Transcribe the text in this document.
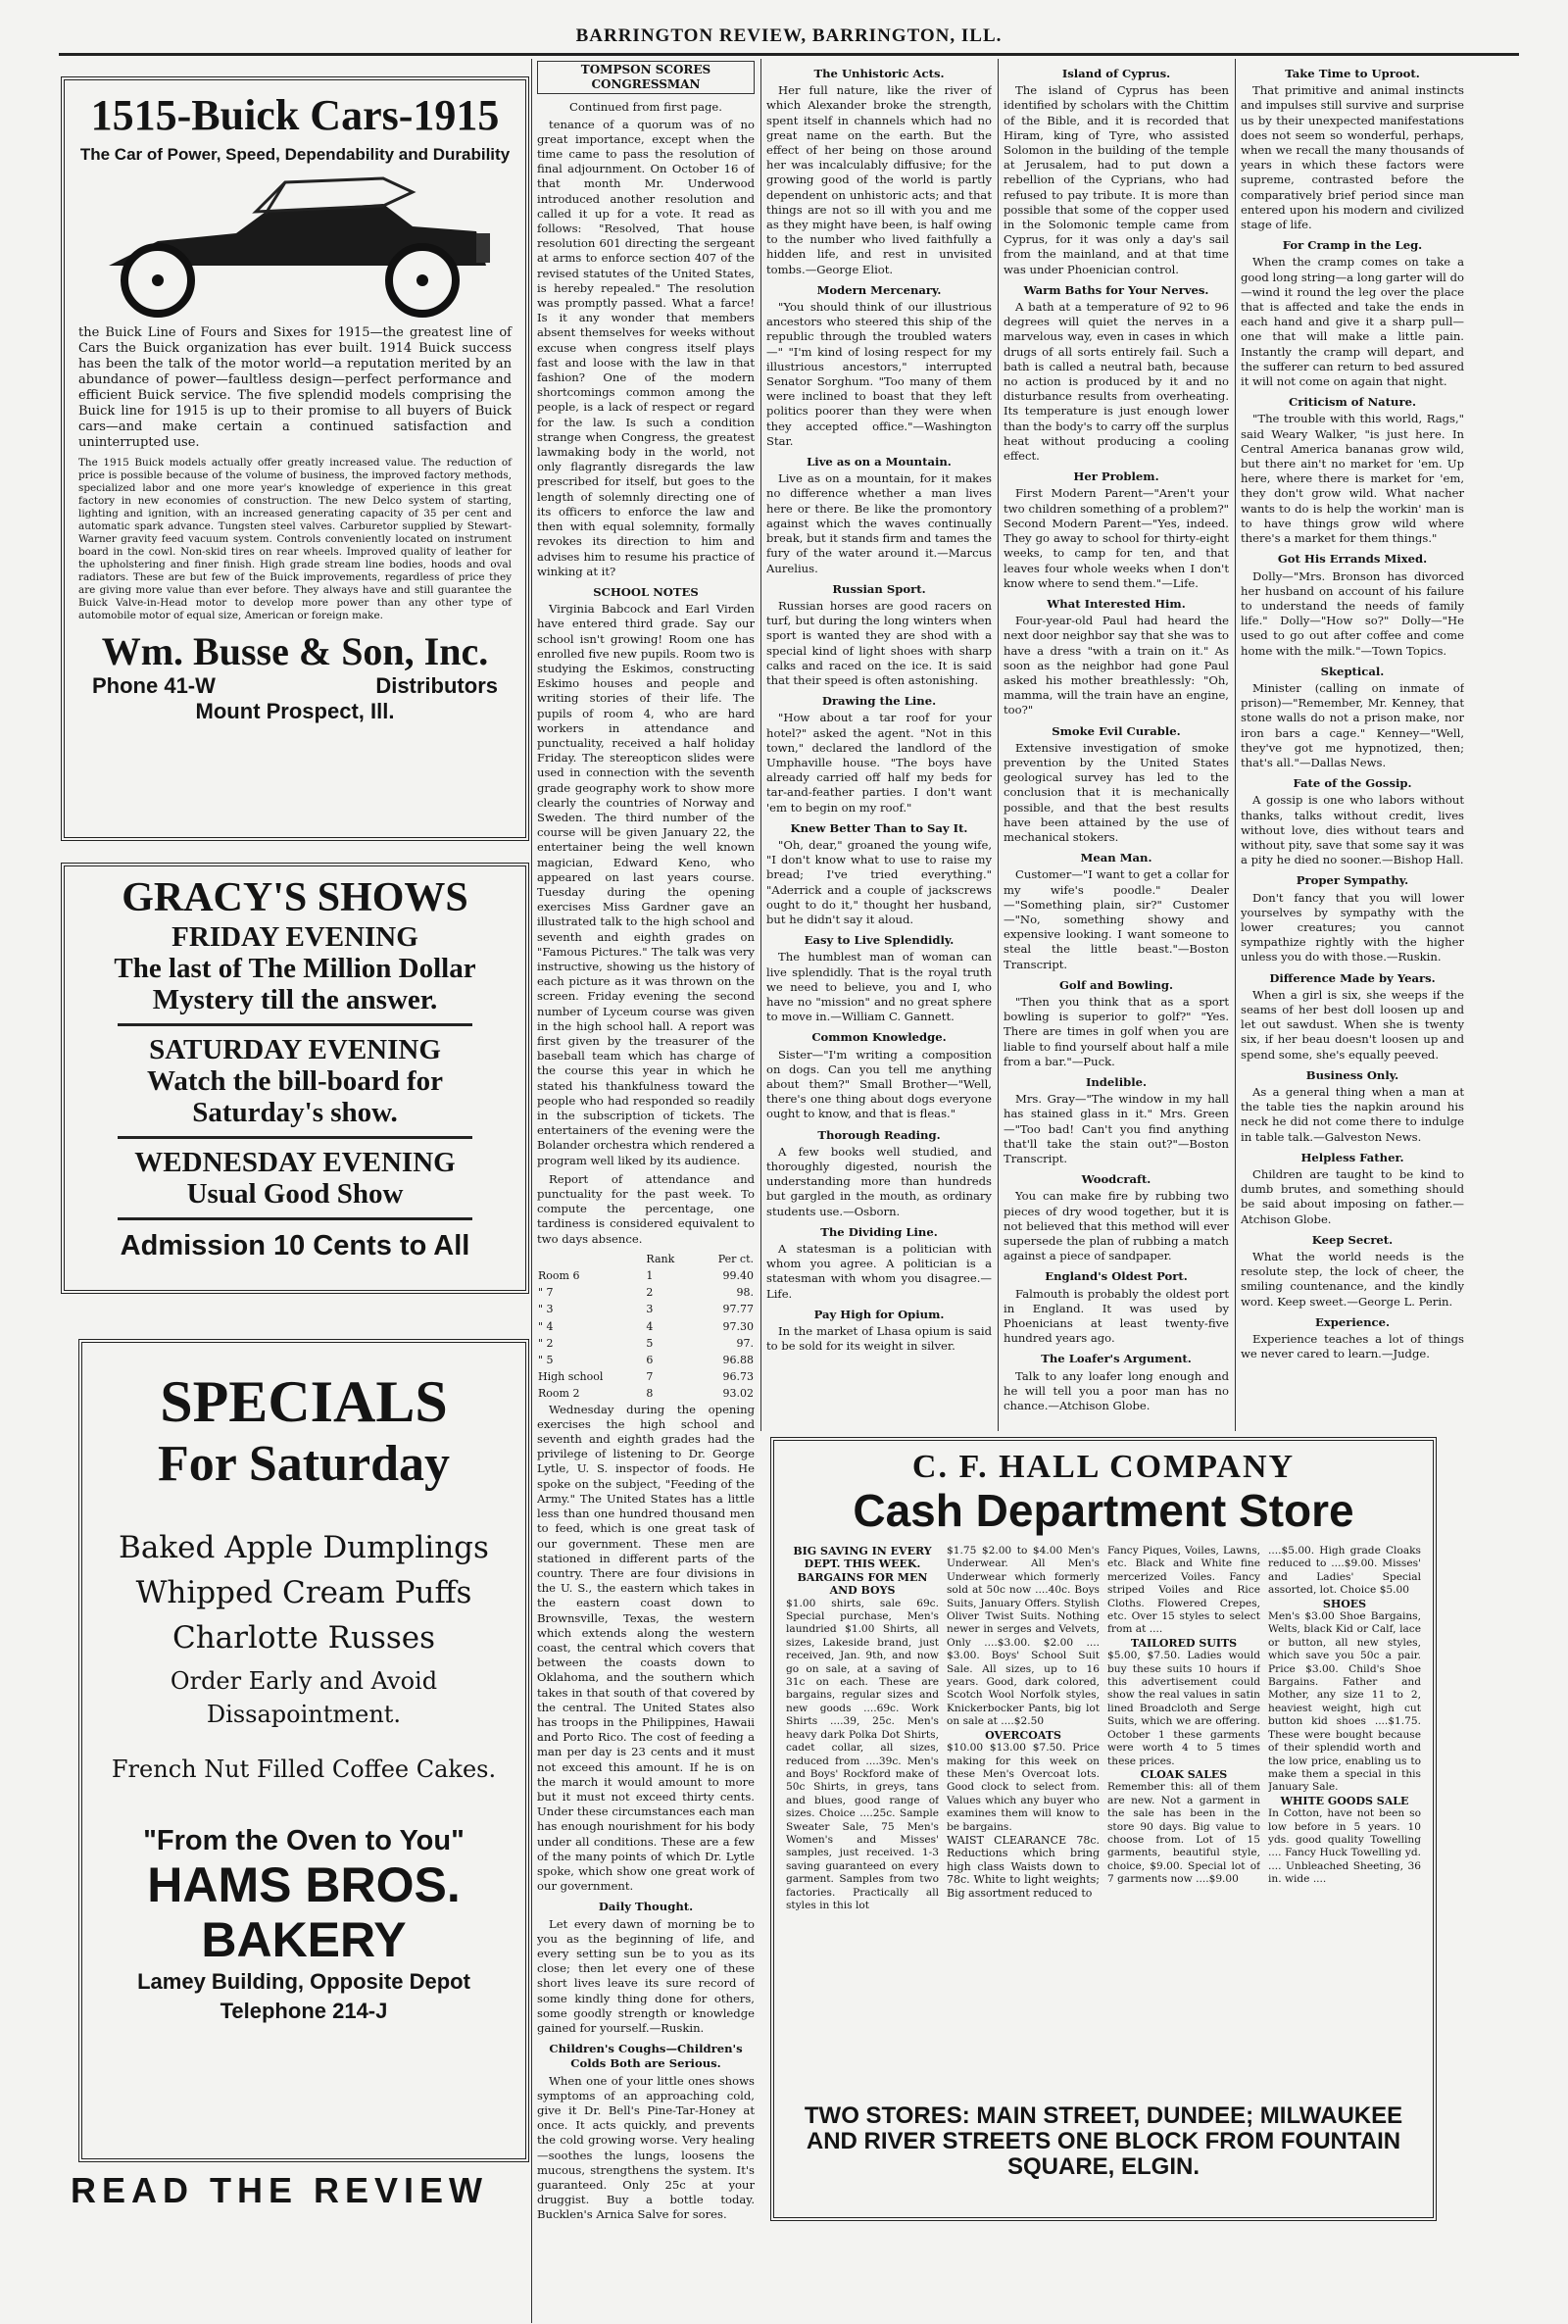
BARRINGTON REVIEW, BARRINGTON, ILL.
1515-Buick Cars-1915
The Car of Power, Speed, Dependability and Durability
the Buick Line of Fours and Sixes for 1915—the greatest line of Cars the Buick organization has ever built. 1914 Buick success has been the talk of the motor world—a reputation merited by an abundance of power—faultless design—perfect performance and efficient Buick service. The five splendid models comprising the Buick line for 1915 is up to their promise to all buyers of Buick cars—and make certain a continued satisfaction and uninterrupted use.
The 1915 Buick models actually offer greatly increased value. The reduction of price is possible because of the volume of business, the improved factory methods, specialized labor and one more year's knowledge of experience in this great factory in new economies of construction. The new Delco system of starting, lighting and ignition, with an increased generating capacity of 35 per cent and automatic spark advance. Tungsten steel valves. Carburetor supplied by Stewart-Warner gravity feed vacuum system. Controls conveniently located on instrument board in the cowl. Non-skid tires on rear wheels. Improved quality of leather for the upholstering and finer finish. High grade stream line bodies, hoods and oval radiators. These are but few of the Buick improvements, regardless of price they are giving more value than ever before. They always have and still guarantee the Buick Valve-in-Head motor to develop more power than any other type of automobile motor of equal size, American or foreign make.
Wm. Busse & Son, Inc.
Phone 41-W	Distributors
Mount Prospect, Ill.
GRACY'S SHOWS
FRIDAY EVENING
The last of The Million Dollar Mystery till the answer.
SATURDAY EVENING
Watch the bill-board for Saturday's show.
WEDNESDAY EVENING
Usual Good Show
Admission 10 Cents to All
SPECIALS
For Saturday
Baked Apple Dumplings
Whipped Cream Puffs
Charlotte Russes
Order Early and Avoid Dissapointment.
French Nut Filled Coffee Cakes.
"From the Oven to You"
HAMS BROS.
BAKERY
Lamey Building, Opposite Depot
Telephone 214-J
READ THE REVIEW
TOMPSON SCORES CONGRESSMAN
Continued from first page.

tenance of a quorum was of no great importance, except when the time came to pass the resolution of final adjournment. On October 16 of that month Mr. Underwood introduced another resolution and called it up for a vote. It read as follows: "Resolved, That house resolution 601 directing the sergeant at arms to enforce section 407 of the revised statutes of the United States, is hereby repealed." The resolution was promptly passed. What a farce! Is it any wonder that members absent themselves for weeks without excuse when congress itself plays fast and loose with the law in that fashion? One of the modern shortcomings common among the people, is a lack of respect or regard for the law. Is such a condition strange when Congress, the greatest lawmaking body in the world, not only flagrantly disregards the law prescribed for itself, but goes to the length of solemnly directing one of its officers to enforce the law and then with equal solemnity, formally revokes its direction to him and advises him to resume his practice of winking at it?

SCHOOL NOTES

Virginia Babcock and Earl Virden have entered third grade. Say our school isn't growing! Room one has enrolled five new pupils. Room two is studying the Eskimos, constructing Eskimo houses and people and writing stories of their life. The pupils of room 4, who are hard workers in attendance and punctuality, received a half holiday Friday. The stereopticon slides were used in connection with the seventh grade geography work to show more clearly the countries of Norway and Sweden. The third number of the course will be given January 22, the entertainer being the well known magician, Edward Keno, who appeared on last years course. Tuesday during the opening exercises Miss Gardner gave an illustrated talk to the high school and seventh and eighth grades on "Famous Pictures." The talk was very instructive, showing us the history of each picture as it was thrown on the screen. Friday evening the second number of Lyceum course was given in the high school hall. A report was first given by the treasurer of the baseball team which has charge of the course this year in which he stated his thankfulness toward the people who had responded so readily in the subscription of tickets. The entertainers of the evening were the Bolander orchestra which rendered a program well liked by its audience.

Report of attendance and punctuality for the past week. To compute the percentage, one tardiness is considered equivalent to two days absence.

	Rank	Per ct.
Room 6	1	99.40
" 7	2	98.
" 3	3	97.77
" 4	4	97.30
" 2	5	97.
" 5	6	96.88
High school	7	96.73
Room 2	8	93.02

Wednesday during the opening exercises the high school and seventh and eighth grades had the privilege of listening to Dr. George Lytle, U. S. inspector of foods. He spoke on the subject, "Feeding of the Army." The United States has a little less than one hundred thousand men to feed, which is one great task of our government. These men are stationed in different parts of the country. There are four divisions in the U. S., the eastern which takes in the eastern coast down to Brownsville, Texas, the western which extends along the western coast, the central which covers that between the coasts down to Oklahoma, and the southern which takes in that south of that covered by the central. The United States also has troops in the Philippines, Hawaii and Porto Rico. The cost of feeding a man per day is 23 cents and it must not exceed this amount. If he is on the march it would amount to more but it must not exceed thirty cents. Under these circumstances each man has enough nourishment for his body under all conditions. These are a few of the many points of which Dr. Lytle spoke, which show one great work of our government.

Daily Thought.

Let every dawn of morning be to you as the beginning of life, and every setting sun be to you as its close; then let every one of these short lives leave its sure record of some kindly thing done for others, some goodly strength or knowledge gained for yourself.—Ruskin.

Children's Coughs—Children's Colds Both are Serious.

When one of your little ones shows symptoms of an approaching cold, give it Dr. Bell's Pine-Tar-Honey at once. It acts quickly, and prevents the cold growing worse. Very healing—soothes the lungs, loosens the mucous, strengthens the system. It's guaranteed. Only 25c at your druggist. Buy a bottle today. Bucklen's Arnica Salve for sores.

The Unhistoric Acts.

Her full nature, like the river of which Alexander broke the strength, spent itself in channels which had no great name on the earth. But the effect of her being on those around her was incalculably diffusive; for the growing good of the world is partly dependent on unhistoric acts; and that things are not so ill with you and me as they might have been, is half owing to the number who lived faithfully a hidden life, and rest in unvisited tombs.—George Eliot.

Modern Mercenary.

"You should think of our illustrious ancestors who steered this ship of the republic through the troubled waters—" "I'm kind of losing respect for my illustrious ancestors," interrupted Senator Sorghum. "Too many of them were inclined to boast that they left politics poorer than they were when they accepted office."—Washington Star.

Live as on a Mountain.

Live as on a mountain, for it makes no difference whether a man lives here or there. Be like the promontory against which the waves continually break, but it stands firm and tames the fury of the water around it.—Marcus Aurelius.

Russian Sport.

Russian horses are good racers on turf, but during the long winters when sport is wanted they are shod with a special kind of light shoes with sharp calks and raced on the ice. It is said that their speed is often astonishing.

Drawing the Line.

"How about a tar roof for your hotel?" asked the agent. "Not in this town," declared the landlord of the Umphaville house. "The boys have already carried off half my beds for tar-and-feather parties. I don't want 'em to begin on my roof."

Knew Better Than to Say It.

"Oh, dear," groaned the young wife, "I don't know what to use to raise my bread; I've tried everything." "Aderrick and a couple of jackscrews ought to do it," thought her husband, but he didn't say it aloud.

Easy to Live Splendidly.

The humblest man of woman can live splendidly. That is the royal truth we need to believe, you and I, who have no "mission" and no great sphere to move in.—William C. Gannett.

Common Knowledge.

Sister—"I'm writing a composition on dogs. Can you tell me anything about them?" Small Brother—"Well, there's one thing about dogs everyone ought to know, and that is fleas."

Thorough Reading.

A few books well studied, and thoroughly digested, nourish the understanding more than hundreds but gargled in the mouth, as ordinary students use.—Osborn.

The Dividing Line.

A statesman is a politician with whom you agree. A politician is a statesman with whom you disagree.—Life.

Pay High for Opium.

In the market of Lhasa opium is said to be sold for its weight in silver.

Island of Cyprus.

The island of Cyprus has been identified by scholars with the Chittim of the Bible, and it is recorded that Hiram, king of Tyre, who assisted Solomon in the building of the temple at Jerusalem, had to put down a rebellion of the Cyprians, who had refused to pay tribute. It is more than possible that some of the copper used in the Solomonic temple came from Cyprus, for it was only a day's sail from the mainland, and at that time was under Phoenician control.

Warm Baths for Your Nerves.

A bath at a temperature of 92 to 96 degrees will quiet the nerves in a marvelous way, even in cases in which drugs of all sorts entirely fail. Such a bath is called a neutral bath, because no action is produced by it and no disturbance results from overheating. Its temperature is just enough lower than the body's to carry off the surplus heat without producing a cooling effect.

Her Problem.

First Modern Parent—"Aren't your two children something of a problem?" Second Modern Parent—"Yes, indeed. They go away to school for thirty-eight weeks, to camp for ten, and that leaves four whole weeks when I don't know where to send them."—Life.

What Interested Him.

Four-year-old Paul had heard the next door neighbor say that she was to have a dress "with a train on it." As soon as the neighbor had gone Paul asked his mother breathlessly: "Oh, mamma, will the train have an engine, too?"

Smoke Evil Curable.

Extensive investigation of smoke prevention by the United States geological survey has led to the conclusion that it is mechanically possible, and that the best results have been attained by the use of mechanical stokers.

Mean Man.

Customer—"I want to get a collar for my wife's poodle." Dealer—"Something plain, sir?" Customer—"No, something showy and expensive looking. I want someone to steal the little beast."—Boston Transcript.

Golf and Bowling.

"Then you think that as a sport bowling is superior to golf?" "Yes. There are times in golf when you are liable to find yourself about half a mile from a bar."—Puck.

Indelible.

Mrs. Gray—"The window in my hall has stained glass in it." Mrs. Green—"Too bad! Can't you find anything that'll take the stain out?"—Boston Transcript.

Woodcraft.

You can make fire by rubbing two pieces of dry wood together, but it is not believed that this method will ever supersede the plan of rubbing a match against a piece of sandpaper.

England's Oldest Port.

Falmouth is probably the oldest port in England. It was used by Phoenicians at least twenty-five hundred years ago.

The Loafer's Argument.

Talk to any loafer long enough and he will tell you a poor man has no chance.—Atchison Globe.

Take Time to Uproot.

That primitive and animal instincts and impulses still survive and surprise us by their unexpected manifestations does not seem so wonderful, perhaps, when we recall the many thousands of years in which these factors were supreme, contrasted before the comparatively brief period since man entered upon his modern and civilized stage of life.

For Cramp in the Leg.

When the cramp comes on take a good long string—a long garter will do—wind it round the leg over the place that is affected and take the ends in each hand and give it a sharp pull—one that will make a little pain. Instantly the cramp will depart, and the sufferer can return to bed assured it will not come on again that night.

Criticism of Nature.

"The trouble with this world, Rags," said Weary Walker, "is just here. In Central America bananas grow wild, but there ain't no market for 'em. Up here, where there is market for 'em, they don't grow wild. What nacher wants to do is help the workin' man is to have things grow wild where there's a market for them things."

Got His Errands Mixed.

Dolly—"Mrs. Bronson has divorced her husband on account of his failure to understand the needs of family life." Dolly—"How so?" Dolly—"He used to go out after coffee and come home with the milk."—Town Topics.

Skeptical.

Minister (calling on inmate of prison)—"Remember, Mr. Kenney, that stone walls do not a prison make, nor iron bars a cage." Kenney—"Well, they've got me hypnotized, then; that's all."—Dallas News.

Fate of the Gossip.

A gossip is one who labors without thanks, talks without credit, lives without love, dies without tears and without pity, save that some say it was a pity he died no sooner.—Bishop Hall.

Proper Sympathy.

Don't fancy that you will lower yourselves by sympathy with the lower creatures; you cannot sympathize rightly with the higher unless you do with those.—Ruskin.

Difference Made by Years.

When a girl is six, she weeps if the seams of her best doll loosen up and let out sawdust. When she is twenty six, if her beau doesn't loosen up and spend some, she's equally peeved.

Business Only.

As a general thing when a man at the table ties the napkin around his neck he did not come there to indulge in table talk.—Galveston News.

Helpless Father.

Children are taught to be kind to dumb brutes, and something should be said about imposing on father.—Atchison Globe.

Keep Secret.

What the world needs is the resolute step, the lock of cheer, the smiling countenance, and the kindly word. Keep sweet.—George L. Perin.

Experience.

Experience teaches a lot of things we never cared to learn.—Judge.

C. F. HALL COMPANY
Cash Department Store
BIG SAVING IN EVERY DEPT. THIS WEEK. BARGAINS FOR MEN AND BOYS
$1.00 shirts, sale 69c. Special purchase, Men's laundried $1.00 Shirts, all sizes, Lakeside brand, just received, Jan. 9th, and now go on sale, at a saving of 31c on each. These are bargains, regular sizes and new goods ....69c. Work Shirts ....39, 25c. Men's heavy dark Polka Dot Shirts, cadet collar, all sizes, reduced from ....39c. Men's and Boys' Rockford make of 50c Shirts, in greys, tans and blues, good range of sizes. Choice ....25c. Sample Sweater Sale, 75 Men's Women's and Misses' samples, just received. 1-3 saving guaranteed on every garment. Samples from two factories. Practically all styles in this lot
$1.75 $2.00 to $4.00 Men's Underwear. All Men's Underwear which formerly sold at 50c now ....40c. Boys Suits, January Offers. Stylish Oliver Twist Suits. Nothing newer in serges and Velvets, Only ....$3.00. $2.00 .... $3.00. Boys' School Suit Sale. All sizes, up to 16 years. Good, dark colored, Scotch Wool Norfolk styles, Knickerbocker Pants, big lot on sale at ....$2.50
OVERCOATS
$10.00 $13.00 $7.50. Price making for this week on these Men's Overcoat lots. Good clock to select from. Values which any buyer who examines them will know to be bargains.
WAIST CLEARANCE 78c. Reductions which bring high class Waists down to 78c. White to light weights; Big assortment reduced to
Fancy Piques, Voiles, Lawns, etc. Black and White fine mercerized Voiles. Fancy striped Voiles and Rice Cloths. Flowered Crepes, etc. Over 15 styles to select from at ....
TAILORED SUITS
$5.00, $7.50. Ladies would buy these suits 10 hours if this advertisement could show the real values in satin lined Broadcloth and Serge Suits, which we are offering. October 1 these garments were worth 4 to 5 times these prices.
CLOAK SALES
Remember this: all of them are new. Not a garment in the sale has been in the store 90 days. Big value to choose from. Lot of 15 garments, beautiful style, choice, $9.00. Special lot of 7 garments now ....$9.00
....$5.00. High grade Cloaks reduced to ....$9.00. Misses' and Ladies' Special assorted, lot. Choice $5.00
SHOES
Men's $3.00 Shoe Bargains, Welts, black Kid or Calf, lace or button, all new styles, which save you 50c a pair. Price $3.00. Child's Shoe Bargains. Father and Mother, any size 11 to 2, heaviest weight, high cut button kid shoes ....$1.75. These were bought because of their splendid worth and the low price, enabling us to make them a special in this January Sale.
WHITE GOODS SALE
In Cotton, have not been so low before in 5 years. 10 yds. good quality Towelling .... Fancy Huck Towelling yd. .... Unbleached Sheeting, 36 in. wide ....
TWO STORES: MAIN STREET, DUNDEE; MILWAUKEE AND RIVER STREETS ONE BLOCK FROM FOUNTAIN SQUARE, ELGIN.
